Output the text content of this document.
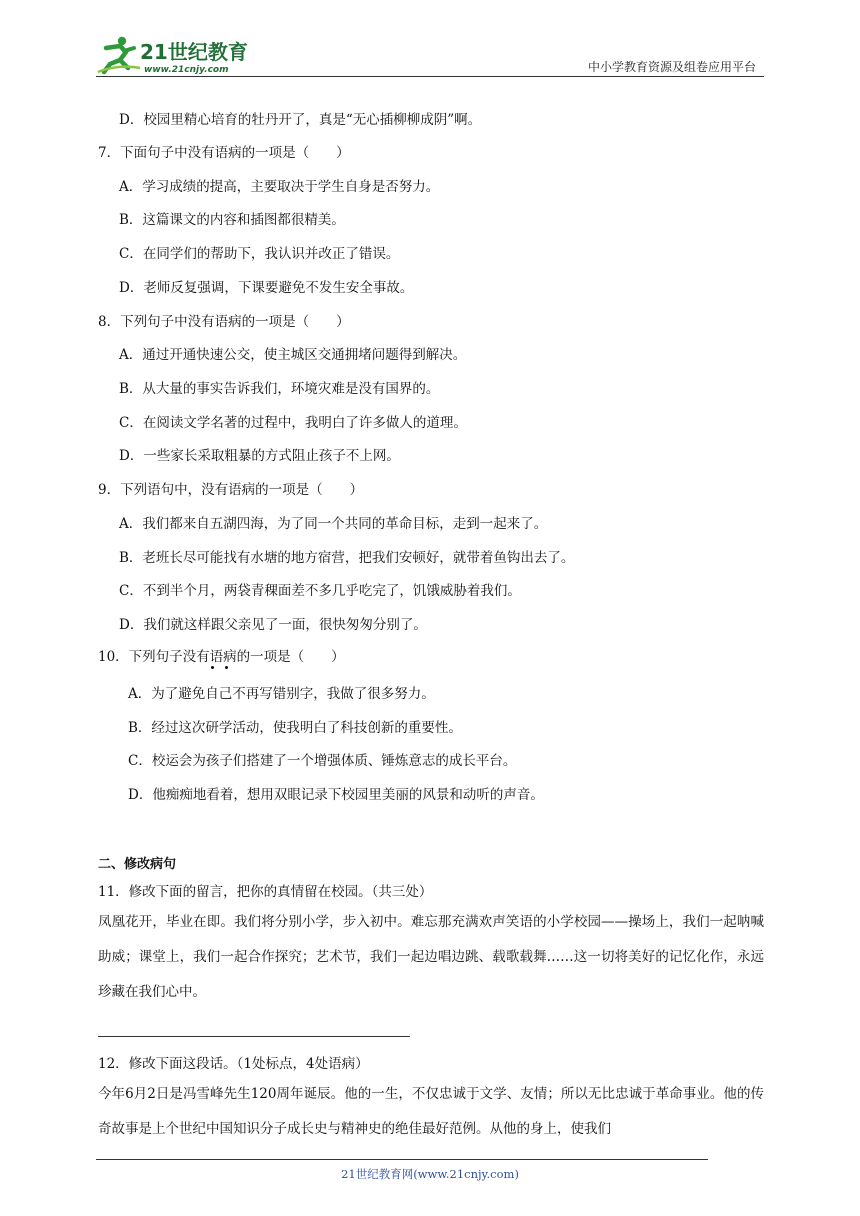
21世纪教育
www.21cnjy.com	中小学教育资源及组卷应用平台
D．校园里精心培育的牡丹开了，真是“无心插柳柳成阴”啊。
7．下面句子中没有语病的一项是（　　）
A．学习成绩的提高，主要取决于学生自身是否努力。
B．这篇课文的内容和插图都很精美。
C．在同学们的帮助下，我认识并改正了错误。
D．老师反复强调，下课要避免不发生安全事故。
8．下列句子中没有语病的一项是（　　）
A．通过开通快速公交，使主城区交通拥堵问题得到解决。
B．从大量的事实告诉我们，环境灾难是没有国界的。
C．在阅读文学名著的过程中，我明白了许多做人的道理。
D．一些家长采取粗暴的方式阻止孩子不上网。
9．下列语句中，没有语病的一项是（　　）
A．我们都来自五湖四海，为了同一个共同的革命目标，走到一起来了。
B．老班长尽可能找有水塘的地方宿营，把我们安顿好，就带着鱼钩出去了。
C．不到半个月，两袋青稞面差不多几乎吃完了，饥饿威胁着我们。
D．我们就这样跟父亲见了一面，很快匆匆分别了。
10．下列句子没有语病的一项是（　　）
A．为了避免自己不再写错别字，我做了很多努力。
B．经过这次研学活动，使我明白了科技创新的重要性。
C．校运会为孩子们搭建了一个增强体质、锤炼意志的成长平台。
D．他痴痴地看着，想用双眼记录下校园里美丽的风景和动听的声音。
二、修改病句
11．修改下面的留言，把你的真情留在校园。（共三处）
凤凰花开，毕业在即。我们将分别小学，步入初中。难忘那充满欢声笑语的小学校园——操场上，我们一起呐喊助威；课堂上，我们一起合作探究；艺术节，我们一起边唱边跳、载歌载舞……这一切将美好的记忆化作，永远珍藏在我们心中。
12．修改下面这段话。（1处标点，4处语病）
今年6月2日是冯雪峰先生120周年诞辰。他的一生，不仅忠诚于文学、友情；所以无比忠诚于革命事业。他的传奇故事是上个世纪中国知识分子成长史与精神史的绝佳最好范例。从他的身上，使我们
21世纪教育网(www.21cnjy.com)
